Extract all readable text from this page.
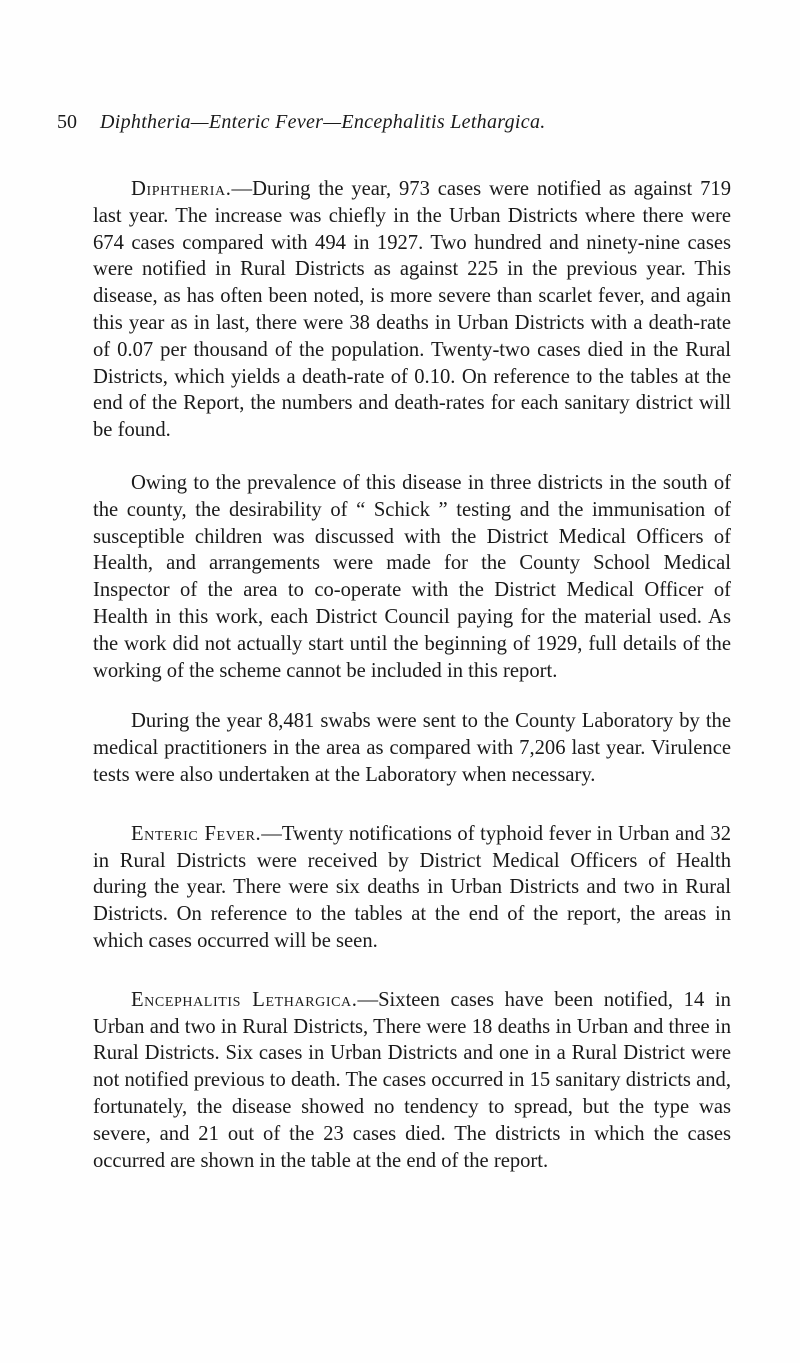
50 Diphtheria—Enteric Fever—Encephalitis Lethargica.

Diphtheria.—During the year, 973 cases were notified as against 719 last year. The increase was chiefly in the Urban Districts where there were 674 cases compared with 494 in 1927. Two hundred and ninety-nine cases were notified in Rural Districts as against 225 in the previous year. This disease, as has often been noted, is more severe than scarlet fever, and again this year as in last, there were 38 deaths in Urban Districts with a death-rate of 0.07 per thousand of the population. Twenty-two cases died in the Rural Districts, which yields a death-rate of 0.10. On reference to the tables at the end of the Report, the numbers and death-rates for each sanitary district will be found.

Owing to the prevalence of this disease in three districts in the south of the county, the desirability of “ Schick ” testing and the immunisation of susceptible children was discussed with the District Medical Officers of Health, and arrangements were made for the County School Medical Inspector of the area to co-operate with the District Medical Officer of Health in this work, each District Council paying for the material used. As the work did not actually start until the beginning of 1929, full details of the working of the scheme cannot be included in this report.

During the year 8,481 swabs were sent to the County Laboratory by the medical practitioners in the area as compared with 7,206 last year. Virulence tests were also undertaken at the Laboratory when necessary.

Enteric Fever.—Twenty notifications of typhoid fever in Urban and 32 in Rural Districts were received by District Medical Officers of Health during the year. There were six deaths in Urban Districts and two in Rural Districts. On reference to the tables at the end of the report, the areas in which cases occurred will be seen.

Encephalitis Lethargica.—Sixteen cases have been notified, 14 in Urban and two in Rural Districts, There were 18 deaths in Urban and three in Rural Districts. Six cases in Urban Districts and one in a Rural District were not notified previous to death. The cases occurred in 15 sanitary districts and, fortunately, the disease showed no tendency to spread, but the type was severe, and 21 out of the 23 cases died. The districts in which the cases occurred are shown in the table at the end of the report.
